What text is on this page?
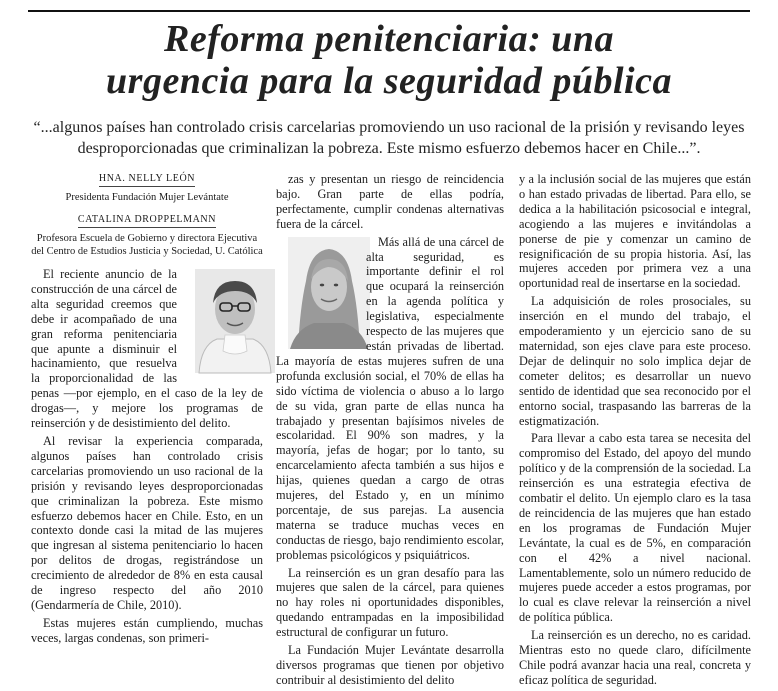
Reforma penitenciaria: una
urgencia para la seguridad pública
“...algunos países han controlado crisis carcelarias promoviendo un uso racional de la prisión y revisando leyes desproporcionadas que criminalizan la pobreza. Este mismo esfuerzo debemos hacer en Chile...”.
HNA. NELLY LEÓN
Presidenta Fundación Mujer Levántate
CATALINA DROPPELMANN
Profesora Escuela de Gobierno y directora Ejecutiva del Centro de Estudios Justicia y Sociedad, U. Católica

El reciente anuncio de la construcción de una cárcel de alta seguridad creemos que debe ir acompañado de una gran reforma penitenciaria que apunte a disminuir el hacinamiento, que resuelva la proporcionalidad de las penas —por ejemplo, en el caso de la ley de drogas—, y mejore los programas de reinserción y de desistimiento del delito.

Al revisar la experiencia comparada, algunos países han controlado crisis carcelarias promoviendo un uso racional de la prisión y revisando leyes desproporcionadas que criminalizan la pobreza. Este mismo esfuerzo debemos hacer en Chile. Esto, en un contexto donde casi la mitad de las mujeres que ingresan al sistema penitenciario lo hacen por delitos de drogas, registrándose un crecimiento de alrededor de 8% en esta causal de ingreso respecto del año 2010 (Gendarmería de Chile, 2010).

Estas mujeres están cumpliendo, muchas veces, largas condenas, son primeri-

zas y presentan un riesgo de reincidencia bajo. Gran parte de ellas podría, perfectamente, cumplir condenas alternativas fuera de la cárcel.

Más allá de una cárcel de alta seguridad, es importante definir el rol que ocupará la reinserción en la agenda política y legislativa, especialmente respecto de las mujeres que están privadas de libertad. La mayoría de estas mujeres sufren de una profunda exclusión social, el 70% de ellas ha sido víctima de violencia o abuso a lo largo de su vida, gran parte de ellas nunca ha trabajado y presentan bajísimos niveles de escolaridad. El 90% son madres, y la mayoría, jefas de hogar; por lo tanto, su encarcelamiento afecta también a sus hijos e hijas, quienes quedan a cargo de otras mujeres, del Estado y, en un mínimo porcentaje, de sus parejas. La ausencia materna se traduce muchas veces en conductas de riesgo, bajo rendimiento escolar, problemas psicológicos y psiquiátricos.

La reinserción es un gran desafío para las mujeres que salen de la cárcel, para quienes no hay roles ni oportunidades disponibles, quedando entrampadas en la imposibilidad estructural de configurar un futuro.

La Fundación Mujer Levántate desarrolla diversos programas que tienen por objetivo contribuir al desistimiento del delito

y a la inclusión social de las mujeres que están o han estado privadas de libertad. Para ello, se dedica a la habilitación psicosocial e integral, acogiendo a las mujeres e invitándolas a ponerse de pie y comenzar un camino de resignificación de su propia historia. Así, las mujeres acceden por primera vez a una oportunidad real de insertarse en la sociedad.

La adquisición de roles prosociales, su inserción en el mundo del trabajo, el empoderamiento y un ejercicio sano de su maternidad, son ejes clave para este proceso. Dejar de delinquir no solo implica dejar de cometer delitos; es desarrollar un nuevo sentido de identidad que sea reconocido por el entorno social, traspasando las barreras de la estigmatización.

Para llevar a cabo esta tarea se necesita del compromiso del Estado, del apoyo del mundo político y de la comprensión de la sociedad. La reinserción es una estrategia efectiva de combatir el delito. Un ejemplo claro es la tasa de reincidencia de las mujeres que han estado en los programas de Fundación Mujer Levántate, la cual es de 5%, en comparación con el 42% a nivel nacional. Lamentablemente, solo un número reducido de mujeres puede acceder a estos programas, por lo cual es clave relevar la reinserción a nivel de política pública.

La reinserción es un derecho, no es caridad. Mientras esto no quede claro, difícilmente Chile podrá avanzar hacia una real, concreta y eficaz política de seguridad.
